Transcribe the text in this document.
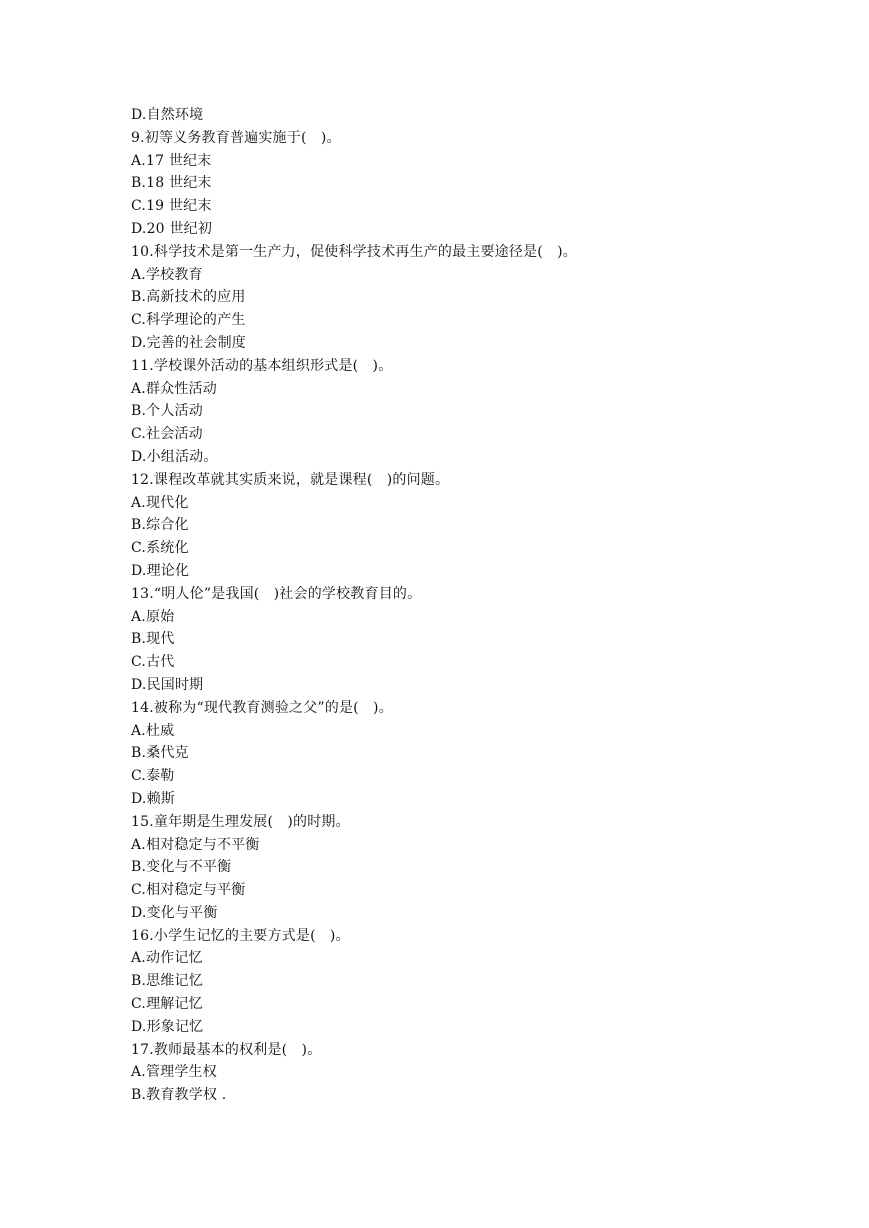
D.自然环境
9.初等义务教育普遍实施于(　)。
A.17 世纪末
B.18 世纪末
C.19 世纪末
D.20 世纪初
10.科学技术是第一生产力，促使科学技术再生产的最主要途径是(　)。
A.学校教育
B.高新技术的应用
C.科学理论的产生
D.完善的社会制度
11.学校课外活动的基本组织形式是(　)。
A.群众性活动
B.个人活动
C.社会活动
D.小组活动。
12.课程改革就其实质来说，就是课程(　)的问题。
A.现代化
B.综合化
C.系统化
D.理论化
13.“明人伦”是我国(　)社会的学校教育目的。
A.原始
B.现代
C.古代
D.民国时期
14.被称为“现代教育测验之父”的是(　)。
A.杜威
B.桑代克
C.泰勒
D.赖斯
15.童年期是生理发展(　)的时期。
A.相对稳定与不平衡
B.变化与不平衡
C.相对稳定与平衡
D.变化与平衡
16.小学生记忆的主要方式是(　)。
A.动作记忆
B.思维记忆
C.理解记忆
D.形象记忆
17.教师最基本的权利是(　)。
A.管理学生权
B.教育教学权 .
